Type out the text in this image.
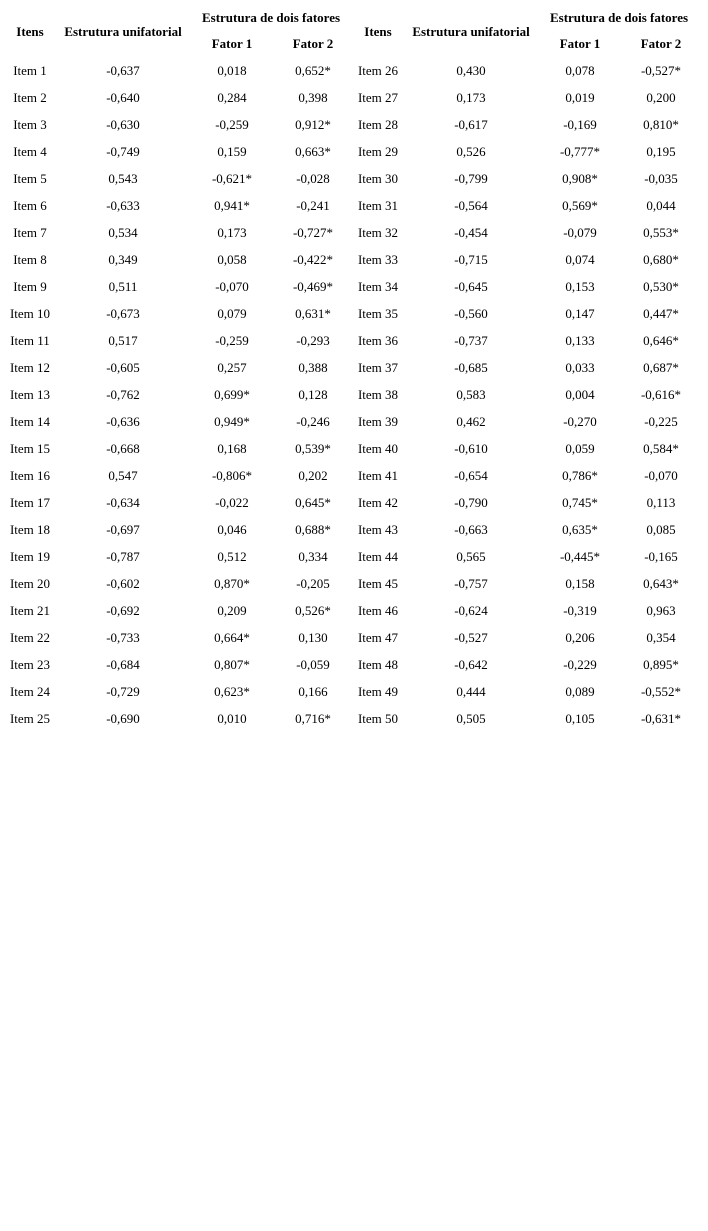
Itens	Estrutura unifatorial	Estrutura de dois fatores		Itens	Estrutura unifatorial	Estrutura de dois fatores	
		Fator 1	Fator 2			Fator 1	Fator 2
Item 1	-0,637	0,018	0,652*	Item 26	0,430	0,078	-0,527*
Item 2	-0,640	0,284	0,398	Item 27	0,173	0,019	0,200
Item 3	-0,630	-0,259	0,912*	Item 28	-0,617	-0,169	0,810*
Item 4	-0,749	0,159	0,663*	Item 29	0,526	-0,777*	0,195
Item 5	0,543	-0,621*	-0,028	Item 30	-0,799	0,908*	-0,035
Item 6	-0,633	0,941*	-0,241	Item 31	-0,564	0,569*	0,044
Item 7	0,534	0,173	-0,727*	Item 32	-0,454	-0,079	0,553*
Item 8	0,349	0,058	-0,422*	Item 33	-0,715	0,074	0,680*
Item 9	0,511	-0,070	-0,469*	Item 34	-0,645	0,153	0,530*
Item 10	-0,673	0,079	0,631*	Item 35	-0,560	0,147	0,447*
Item 11	0,517	-0,259	-0,293	Item 36	-0,737	0,133	0,646*
Item 12	-0,605	0,257	0,388	Item 37	-0,685	0,033	0,687*
Item 13	-0,762	0,699*	0,128	Item 38	0,583	0,004	-0,616*
Item 14	-0,636	0,949*	-0,246	Item 39	0,462	-0,270	-0,225
Item 15	-0,668	0,168	0,539*	Item 40	-0,610	0,059	0,584*
Item 16	0,547	-0,806*	0,202	Item 41	-0,654	0,786*	-0,070
Item 17	-0,634	-0,022	0,645*	Item 42	-0,790	0,745*	0,113
Item 18	-0,697	0,046	0,688*	Item 43	-0,663	0,635*	0,085
Item 19	-0,787	0,512	0,334	Item 44	0,565	-0,445*	-0,165
Item 20	-0,602	0,870*	-0,205	Item 45	-0,757	0,158	0,643*
Item 21	-0,692	0,209	0,526*	Item 46	-0,624	-0,319	0,963
Item 22	-0,733	0,664*	0,130	Item 47	-0,527	0,206	0,354
Item 23	-0,684	0,807*	-0,059	Item 48	-0,642	-0,229	0,895*
Item 24	-0,729	0,623*	0,166	Item 49	0,444	0,089	-0,552*
Item 25	-0,690	0,010	0,716*	Item 50	0,505	0,105	-0,631*
